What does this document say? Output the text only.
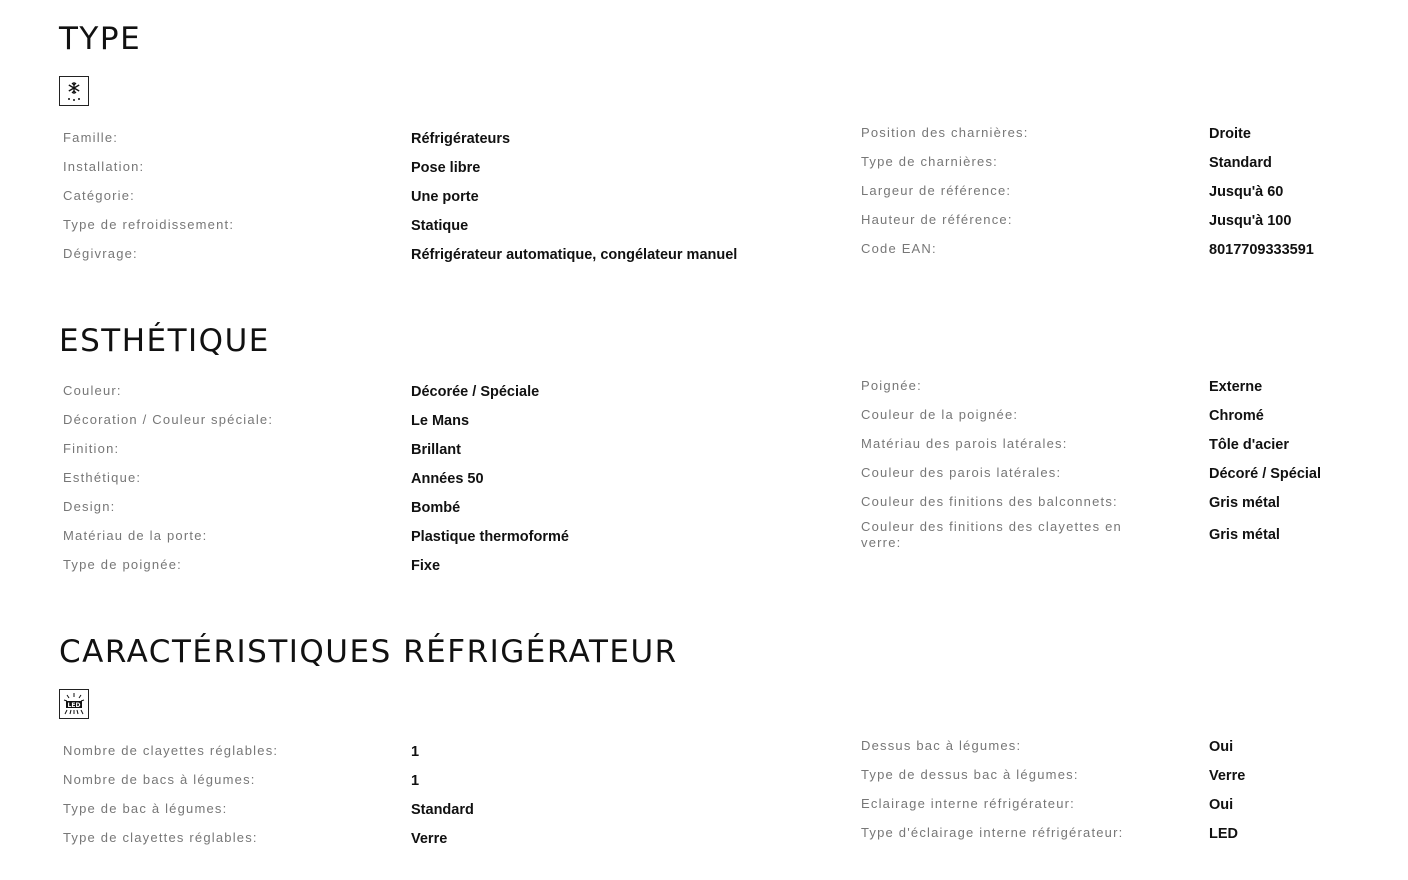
TYPE
Famille:	Réfrigérateurs
Installation:	Pose libre
Catégorie:	Une porte
Type de refroidissement:	Statique
Dégivrage:	Réfrigérateur automatique, congélateur manuel
Position des charnières:	Droite
Type de charnières:	Standard
Largeur de référence:	Jusqu'à 60
Hauteur de référence:	Jusqu'à 100
Code EAN:	8017709333591
ESTHÉTIQUE
Couleur:	Décorée / Spéciale
Décoration / Couleur spéciale:	Le Mans
Finition:	Brillant
Esthétique:	Années 50
Design:	Bombé
Matériau de la porte:	Plastique thermoformé
Type de poignée:	Fixe
Poignée:	Externe
Couleur de la poignée:	Chromé
Matériau des parois latérales:	Tôle d'acier
Couleur des parois latérales:	Décoré / Spécial
Couleur des finitions des balconnets:	Gris métal
Couleur des finitions des clayettes en verre:	Gris métal
CARACTÉRISTIQUES RÉFRIGÉRATEUR
LED
Nombre de clayettes réglables:	1
Nombre de bacs à légumes:	1
Type de bac à légumes:	Standard
Type de clayettes réglables:	Verre
Dessus bac à légumes:	Oui
Type de dessus bac à légumes:	Verre
Eclairage interne réfrigérateur:	Oui
Type d'éclairage interne réfrigérateur:	LED
